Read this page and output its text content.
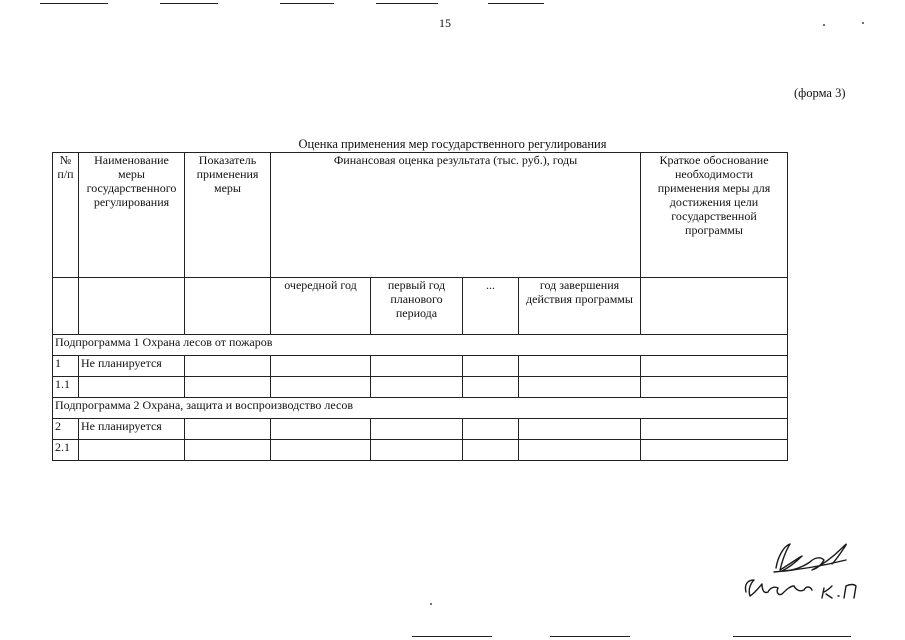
15
(форма 3)
Оценка применения мер государственного регулирования
№ п/п	Наименование меры государственного регулирования	Показатель применения меры	Финансовая оценка результата (тыс. руб.), годы				Краткое обоснование необходимости применения меры для достижения цели государственной программы
			очередной год	первый год планового периода	...	год завершения действия программы	
Подпрограмма 1 Охрана лесов от пожаров							
1	Не планируется						
1.1							
Подпрограмма 2 Охрана, защита и воспроизводство лесов							
2	Не планируется						
2.1							
